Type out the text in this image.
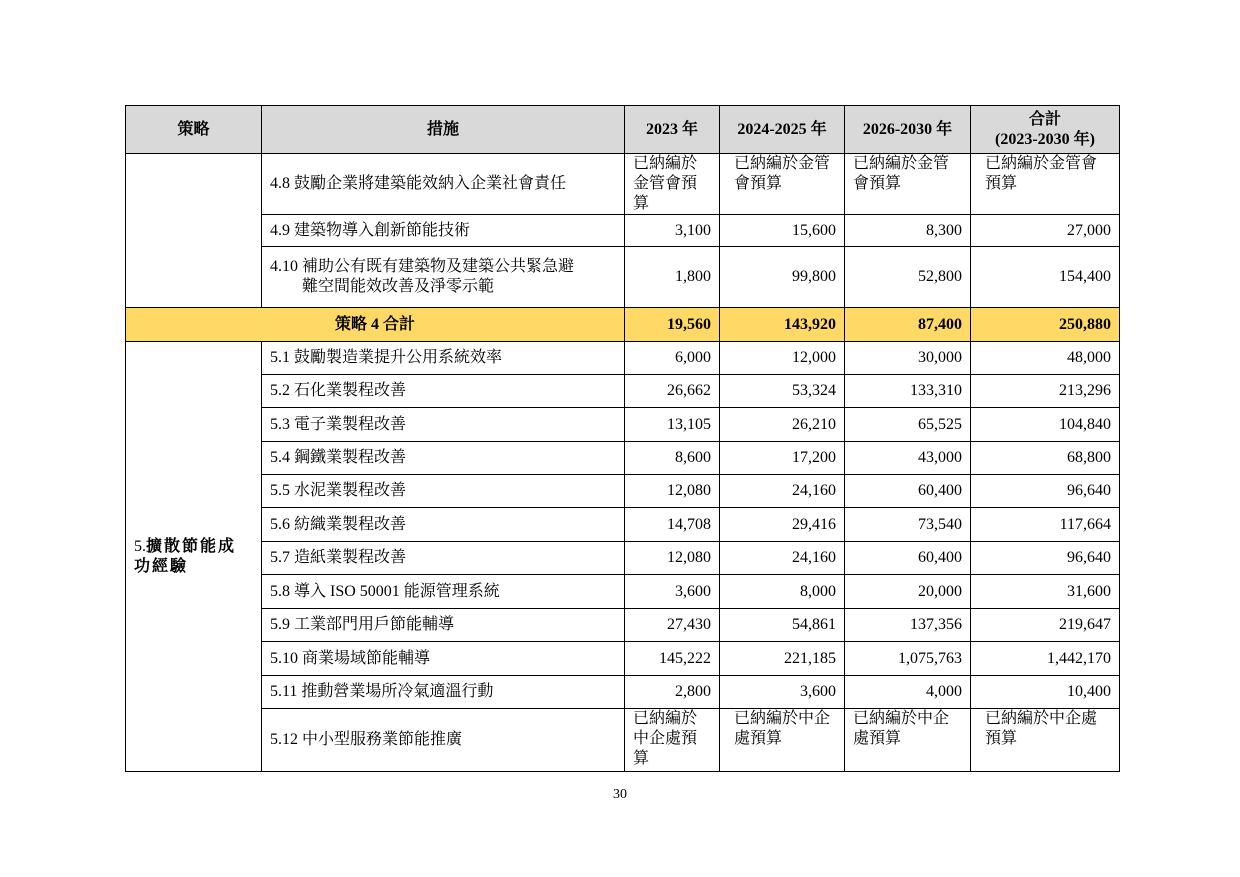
策略	措施	2023 年	2024-2025 年	2026-2030 年	合計
(2023-2030 年)

	4.8 鼓勵企業將建築能效納入企業社會責任	已納編於金管會預算	已納編於金管會預算	已納編於金管會預算	已納編於金管會預算
	4.9 建築物導入創新節能技術	3,100	15,600	8,300	27,000

	4.10 補助公有既有建築物及建築公共緊急避
難空間能效改善及淨零示範	1,800	99,800	52,800	154,400
策略 4 合計		19,560	143,920	87,400	250,880
5.擴散節能成
功經驗	5.1 鼓勵製造業提升公用系統效率	6,000	12,000	30,000	48,000
	5.2 石化業製程改善	26,662	53,324	133,310	213,296
	5.3 電子業製程改善	13,105	26,210	65,525	104,840
	5.4 鋼鐵業製程改善	8,600	17,200	43,000	68,800
	5.5 水泥業製程改善	12,080	24,160	60,400	96,640
	5.6 紡織業製程改善	14,708	29,416	73,540	117,664
	5.7 造紙業製程改善	12,080	24,160	60,400	96,640
	5.8 導入 ISO 50001 能源管理系統	3,600	8,000	20,000	31,600
	5.9 工業部門用戶節能輔導	27,430	54,861	137,356	219,647
	5.10 商業場域節能輔導	145,222	221,185	1,075,763	1,442,170
	5.11 推動營業場所冷氣適溫行動	2,800	3,600	4,000	10,400
	5.12 中小型服務業節能推廣	已納編於中企處預算	已納編於中企處預算	已納編於中企處預算	已納編於中企處預算
30
